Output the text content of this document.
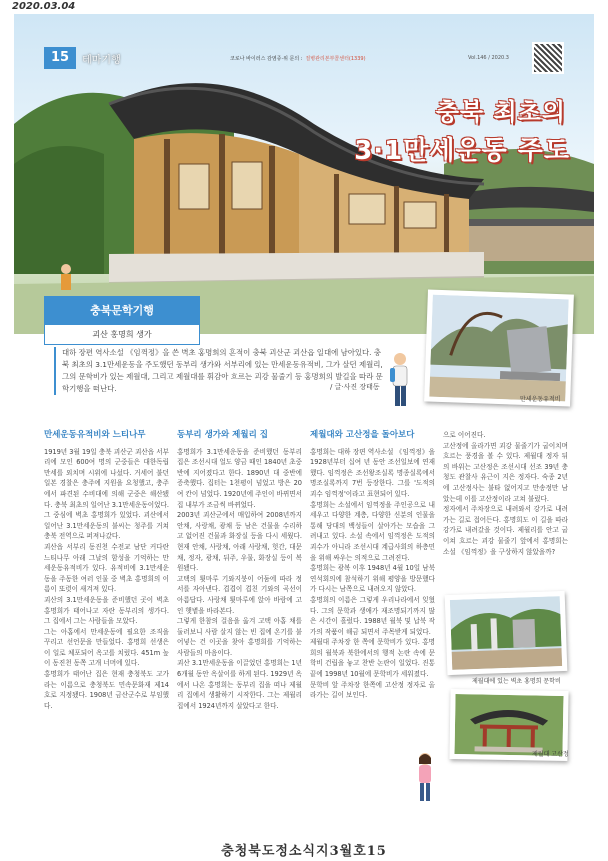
2020.03.04
15	테마기행	코로나 바이러스 감염증·위 문의 : 질병관리본부콜센터(1339)	Vol.146 / 2020.3
충북 최초의
3·1만세운동 주도
충북문학기행
괴산 홍명희 생가
대하 장편 역사소설 《임꺽정》을 쓴 벽초 홍명희의 흔적이 충북 괴산군 괴산읍 일대에 남아있다. 충북 최초의 3.1만세운동을 주도했던 동부리 생가와 서부리에 있는 만세운동유적비, 그가 살던 제월리, 그의 문학비가 있는 제월대, 그리고 제월대를 휘감아 흐르는 괴강 물줄기 등 홍명희의 발길을 따라 문학기행을 떠난다.	/ 글·사진 장태동
만세운동유적비
만세운동유적비와 느티나무

1919년 3월 19일 충북 괴산군 괴산읍 서부리에 모인 600여 명의 군중들은 대한독립 만세를 외치며 시위에 나섰다. 거세어 불던 일본 경찰은 충주에 지원을 요청했고, 충주에서 파견된 수비대에 의해 군중은 해산됐다. 충북 최초의 일어난 3.1만세운동이었다.

그 중심에 벽초 홍명희가 있었다. 괴산에서 일어난 3.1만세운동의 불씨는 청주를 거쳐 충북 전역으로 퍼져나갔다.

괴산읍 서부리 동진천 수전교 남단 커다란 느티나무 아래 그날의 함성을 기억하는 만세운동유적비가 있다. 유적비에 3.1만세운동을 주동한 여러 인물 중 벽초 홍명희의 이름이 또렷이 새겨져 있다.

괴산의 3.1만세운동을 준비했던 곳이 벽초 홍명희가 태어나고 자란 동부리의 생가다. 그 집에서 그는 사람들을 모았다.

그는 아홉에서 만세운동에 필요한 조직을 꾸리고 선언문을 만들었다. 홍명희 선생은 이 일로 체포되어 옥고를 치렀다. 451m 높이 동진천 동쪽 고개 너머에 있다.

홍명희가 태어난 집은 현재 충청북도 고가 라는 이름으로 충청북도 민속문화재 제14호로 지정됐다. 1908년 금산군수로 부임했다.

동부리 생가와 제월리 집

홍명희가 3.1만세운동을 준비했던 동부리 집은 조선시대 얼도 양금 때인 1840년 초중반에 지어졌다고 한다. 1890년 대 중반에 증축했다. 집터는 1천평이 넘었고 방은 20여 칸이 넘었다. 1920년에 주인이 바뀌면서 집 내부가 조금씩 바뀌었다.

2003년 괴산군에서 매입하여 2008년까지 안채, 사랑채, 광채 등 남은 건물을 수리하고 없어진 건물과 화장실 등을 다시 세웠다. 현재 안채, 사랑채, 아래 사랑채, 헛간, 대문채, 정자, 광채, 뒤주, 우물, 화장실 등이 복원됐다.

고택의 툇마루 기와지붕이 어둠에 따라 정서를 자아낸다. 겹겹이 겹친 기와의 곡선이 아름답다. 사랑채 툇마루에 앉아 바람에 고인 햇볕을 바라본다.

그렇게 한참의 걸음을 옮겨 고택 아홉 채를 둘러보니 사람 살지 않는 빈 집에 온기를 불어넣는 건 이곳을 찾아 홍명희를 기억하는 사람들의 마음이다.

괴산 3.1만세운동을 이끌었던 홍명희는 1년 6개월 동안 옥살이를 하게 된다. 1929년 옥에서 나온 홍명희는 동부리 집을 떠나 제월리 집에서 생활하기 시작한다. 그는 제월리 집에서 1924년까지 살았다고 한다.

제월대와 고산정을 돌아보다

홍명희는 대하 장편 역사소설 《임꺽정》을 1928년부터 십여 년 동안 조선일보에 연재했다. 임꺽정은 조선왕조실록 명종실록에서 명조실록까지 7번 등장한다. 그를 '도적의 괴수 임꺽정'이라고 표현되어 있다.

홍명희는 소설에서 임꺽정을 주인공으로 내세우고 다양한 계층, 다양한 신분의 인물을 통해 당대의 백성들이 살아가는 모습을 그려내고 있다. 소설 속에서 임꺽정은 도적의 괴수가 아니라 조선시대 계급사회의 하층민을 위해 싸우는 의적으로 그려진다.

홍명희는 광복 이후 1948년 4월 10일 남북연석회의에 참석하기 위해 평양을 방문했다가 다시는 남쪽으로 내려오지 않았다.

홍명희의 이름은 그렇게 우리나라에서 잊혔다. 그의 문학과 생애가 재조명되기까지 많은 시간이 흘렀다. 1988년 월북 및 납북 작가의 작품이 해금 되면서 주목받게 되었다.

제월대 주차장 한 쪽에 문학비가 있다. 홍명희의 월북과 북한에서의 행적 논란 속에 문학비 건립을 놓고 찬반 논란이 일었다. 진통 끝에 1998년 10월에 문학비가 세워졌다.

문학비 앞 주차장 한쪽에 고산정 정자로 올라가는 길이 보인다.

으로 이어진다.

고산정에 올라가면 괴강 물줄기가 굽이치며 흐르는 풍경을 볼 수 있다. 제월대 정자 뒤의 바위는 고산정은 조선시대 선조 39년 충청도 관찰사 유근이 지은 정자다. 숙종 2년에 고산정사는 불타 없어지고 만송정만 남았는데 이를 고산정이라 고쳐 불렀다.

정자에서 주차장으로 내려와서 강가로 내려가는 길로 접어든다. 홍명희도 이 길을 따라 강가로 내려갔을 것이다. 제월리를 안고 굽이쳐 흐르는 괴강 물줄기 앞에서 홍명희는 소설 《임꺽정》을 구상하지 않았을까?

제월대에 있는 벽초 홍명희 문학비
제월대 고산정
충청북도정소식지3월호15
